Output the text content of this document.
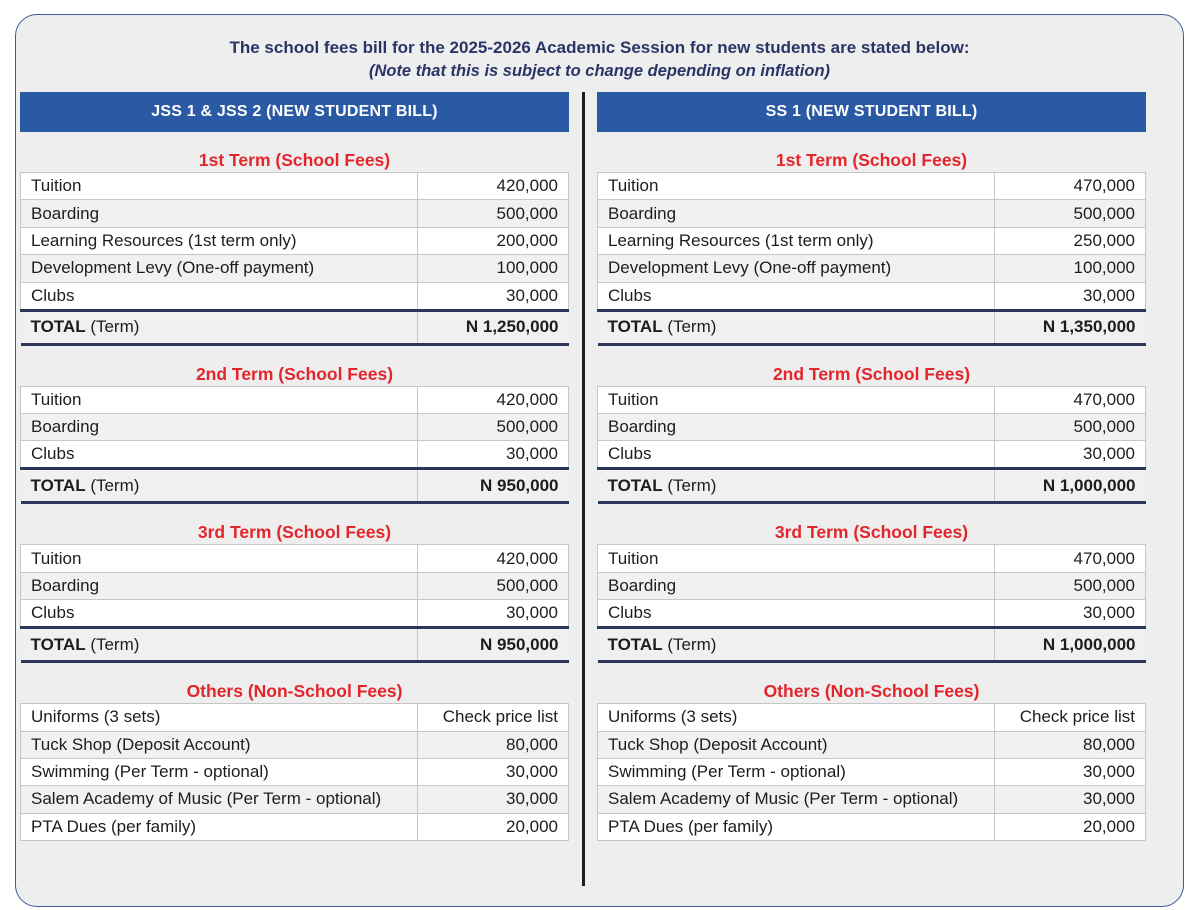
The school fees bill for the 2025-2026 Academic Session for new students are stated below:
(Note that this is subject to change depending on inflation)
JSS 1 & JSS 2 (NEW STUDENT BILL)
1st Term (School Fees)
Tuition	420,000
Boarding	500,000
Learning Resources (1st term only)	200,000
Development Levy (One-off payment)	100,000
Clubs	30,000
TOTAL (Term)	N 1,250,000
2nd Term (School Fees)
Tuition	420,000
Boarding	500,000
Clubs	30,000
TOTAL (Term)	N 950,000
3rd Term (School Fees)
Tuition	420,000
Boarding	500,000
Clubs	30,000
TOTAL (Term)	N 950,000
Others (Non-School Fees)
Uniforms (3 sets)	Check price list
Tuck Shop (Deposit Account)	80,000
Swimming (Per Term - optional)	30,000
Salem Academy of Music (Per Term - optional)	30,000
PTA Dues (per family)	20,000
SS 1 (NEW STUDENT BILL)
1st Term (School Fees)
Tuition	470,000
Boarding	500,000
Learning Resources (1st term only)	250,000
Development Levy (One-off payment)	100,000
Clubs	30,000
TOTAL (Term)	N 1,350,000
2nd Term (School Fees)
Tuition	470,000
Boarding	500,000
Clubs	30,000
TOTAL (Term)	N 1,000,000
3rd Term (School Fees)
Tuition	470,000
Boarding	500,000
Clubs	30,000
TOTAL (Term)	N 1,000,000
Others (Non-School Fees)
Uniforms (3 sets)	Check price list
Tuck Shop (Deposit Account)	80,000
Swimming (Per Term - optional)	30,000
Salem Academy of Music (Per Term - optional)	30,000
PTA Dues (per family)	20,000
